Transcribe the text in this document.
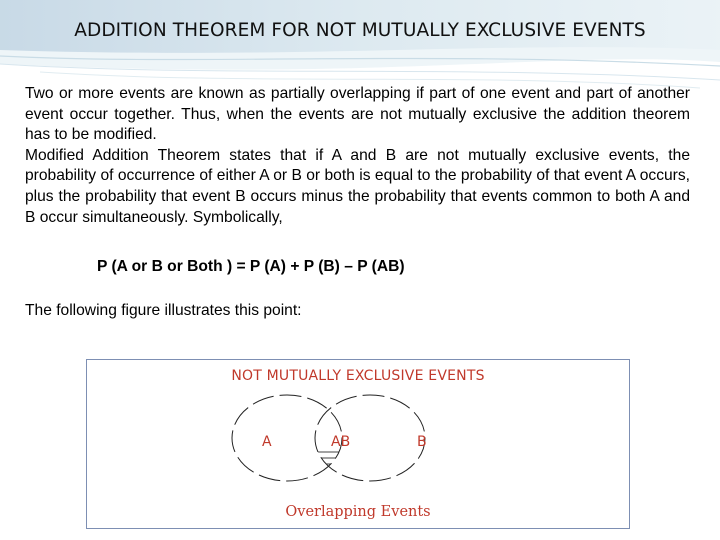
ADDITION THEOREM FOR NOT MUTUALLY EXCLUSIVE EVENTS

Two or more events are known as partially overlapping if part of one event and part of another event occur together. Thus, when the events are not mutually exclusive the addition theorem has to be modified.

Modified Addition Theorem states that if A and B are not mutually exclusive events, the probability of occurrence of either A or B or both is equal to the probability of that event A occurs, plus the probability that event B occurs minus the probability that events common to both A and B occur simultaneously. Symbolically,

P (A or B or Both ) = P (A) + P (B) – P (AB)

The following figure illustrates this point:

A	AB	B
NOT MUTUALLY EXCLUSIVE EVENTS
Overlapping Events
